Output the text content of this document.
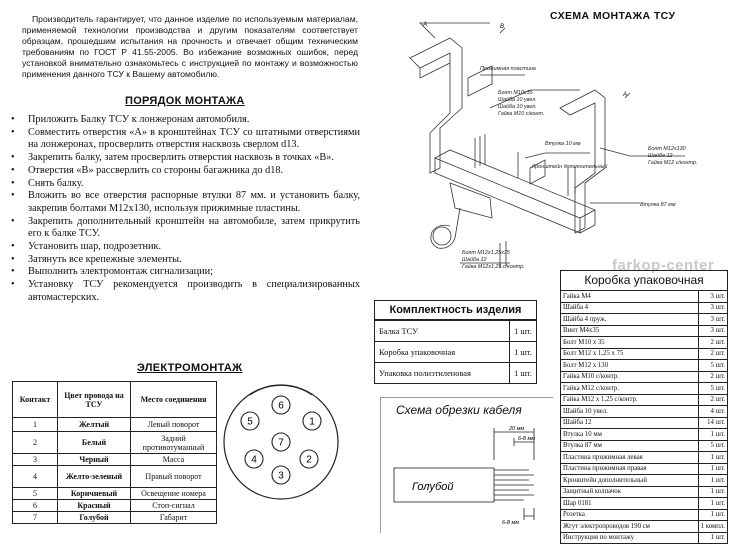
Производитель гарантирует, что данное изделие по используемым материалам, применяемой технологии производства и другим показателям соответствует образцам, прошедшим испытания на прочность и отвечает общим техническим требованиям по ГОСТ Р 41.55-2005. Во избежание возможных ошибок, перед установкой внимательно ознакомьтесь с инструкцией по монтажу и возможностью применения данного ТСУ к Вашему автомобилю.
ПОРЯДОК МОНТАЖА
• Приложить Балку ТСУ к лонжеронам автомобиля.
• Совместить отверстия «А» в кронштейнах ТСУ со штатными отверстиями на лонжеронах, просверлить отверстия насквозь сверлом d13.
• Закрепить балку, затем просверлить отверстия насквозь в точках «В».
• Отверстия «В» рассверлить со стороны багажника до d18.
• Снять балку.
• Вложить во все отверстия распорные втулки 87 мм. и установить балку, закрепив болтами М12х130, используя прижимные пластины.
• Закрепить дополнительный кронштейн на автомобиле, затем прикрутить его к балке ТСУ.
• Установить шар, подрозетник.
• Затянуть все крепежные элементы.
• Выполнить электромонтаж сигнализации;
• Установку ТСУ рекомендуется производить в специализированных автомастерских.
ЭЛЕКТРОМОНТАЖ
Контакт	Цвет провода на ТСУ	Место соединения
1	Желтый	Левый поворот
2	Белый	Задний противотуманный
3	Черный	Масса
4	Желто-зеленый	Правый поворот
5	Коричневый	Освещение номера
6	Красный	Стоп-сигнал
7	Голубой	Габарит
1
2
3
4
5
6
7
СХЕМА МОНТАЖА ТСУ
А	В
А
Прижимная пластина
Болт М10х35
Шайба 10 увел.
Шайба 10 увел.
Гайка М10 с/конт.
Кронштейн дополнительный
Втулка 10 мм
Болт М12х130
Шайба 12
Гайка М12 с/контр.
Втулка 87 мм
Болт М12х1,25х75
Шайба 12
Гайка М12х1,25 с/контр.	farkop-center
Комплектность изделия
Балка ТСУ	1 шт.
Коробка упаковочная	1 шт.
Упаковка полиэтиленовая	1 шт.
Схема обрезки кабеля
20 мм
6-8 мм
6-8 мм
Голубой
Коробка упаковочная
Гайка М4	3 шт.
Шайба 4	3 шт.
Шайба 4 пруж.	3 шт.
Винт М4х35	3 шт.
Болт М10 х 35	2 шт.
Болт М12 х 1,25 х 75	2 шт.
Болт М12 х 130	5 шт.
Гайка М10 с/контр.	2 шт.
Гайка М12 с/контр.	5 шт.
Гайка М12 х 1,25 с/контр.	2 шт.
Шайба 10 увел.	4 шт.
Шайба 12	14 шт.
Втулка 10 мм	1 шт.
Втулка 87 мм	5 шт.
Пластина прижимная левая	1 шт.
Пластина прижимная правая	1 шт.
Кронштейн дополнительный	1 шт.
Защитный колпачок	1 шт.
Шар 0181	1 шт.
Розетка	1 шт.
Жгут электропроводов 190 см	1 компл.
Инструкция по монтажу	1 шт.
